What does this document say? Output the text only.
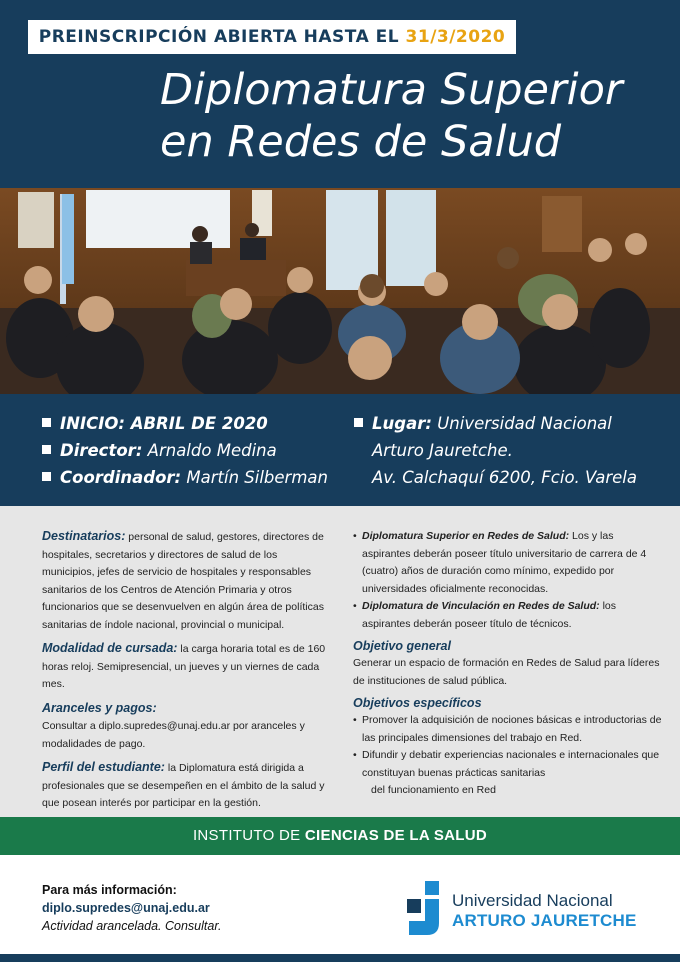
PREINSCRIPCIÓN ABIERTA HASTA EL 31/3/2020
Diplomatura Superior
en Redes de Salud
INICIO: ABRIL DE 2020
Director: Arnaldo Medina
Coordinador: Martín Silberman
Lugar: Universidad Nacional
Arturo Jauretche.
Av. Calchaquí 6200, Fcio. Varela

Destinatarios: personal de salud, gestores, directores de hospitales, secretarios y directores de salud de los municipios, jefes de servicio de hospitales y responsables sanitarios de los Centros de Atención Primaria y otros funcionarios que se desenvuelven en algún área de políticas sanitarias de índole nacional, provincial o municipal.

Modalidad de cursada: la carga horaria total es de 160 horas reloj. Semipresencial, un jueves y un viernes de cada mes.

Aranceles y pagos:

Consultar a diplo.supredes@unaj.edu.ar por aranceles y modalidades de pago.

Perfil del estudiante: la Diplomatura está dirigida a profesionales que se desempeñen en el ámbito de la salud y que posean interés por participar en la gestión.

• Diplomatura Superior en Redes de Salud: Los y las aspirantes deberán poseer título universitario de carrera de 4 (cuatro) años de duración como mínimo, expedido por universidades oficialmente reconocidas.

• Diplomatura de Vinculación en Redes de Salud: los aspirantes deberán poseer título de técnicos.

Objetivo general

Generar un espacio de formación en Redes de Salud para líderes de instituciones de salud pública.

Objetivos específicos

• Promover la adquisición de nociones básicas e introductorias de las principales dimensiones del trabajo en Red.

• Difundir y debatir experiencias nacionales e internacionales que constituyan buenas prácticas sanitarias
del funcionamiento en Red

INSTITUTO DE CIENCIAS DE LA SALUD
Para más información:
diplo.supredes@unaj.edu.ar
Actividad arancelada. Consultar.
Universidad Nacional
ARTURO JAURETCHE
